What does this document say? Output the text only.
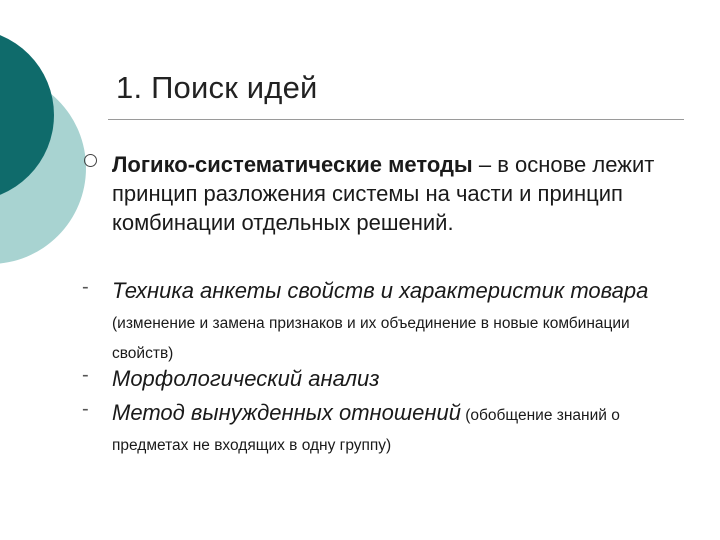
1. Поиск идей
Логико-систематические методы – в основе лежит принцип разложения системы на части и принцип комбинации отдельных решений.
-	Техника анкеты свойств и характеристик товара (изменение и замена признаков и их объединение в новые комбинации свойств)
-	Морфологический анализ
-	Метод вынужденных отношений (обобщение знаний о предметах не входящих в одну группу)
